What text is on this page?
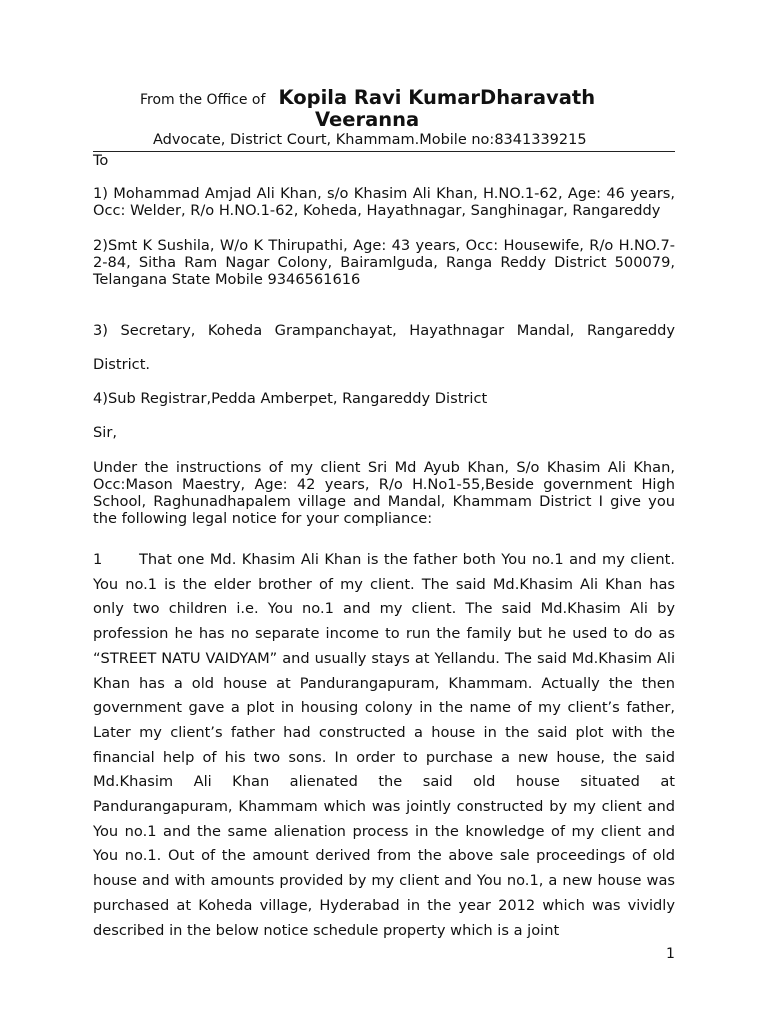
From the Office of Kopila Ravi KumarDharavath
Veeranna
Advocate, District Court, Khammam.Mobile no:8341339215
To
1) Mohammad Amjad Ali Khan, s/o Khasim Ali Khan, H.NO.1-62, Age: 46 years, Occ: Welder, R/o H.NO.1-62, Koheda, Hayathnagar, Sanghinagar, Rangareddy
2)Smt K Sushila, W/o K Thirupathi, Age: 43 years, Occ: Housewife, R/o H.NO.7-2-84, Sitha Ram Nagar Colony, Bairamlguda, Ranga Reddy District 500079, Telangana State Mobile 9346561616
3) Secretary, Koheda Grampanchayat, Hayathnagar Mandal, Rangareddy
District.
4)Sub Registrar,Pedda Amberpet, Rangareddy District
Sir,
Under the instructions of my client Sri Md Ayub Khan, S/o Khasim Ali Khan, Occ:Mason Maestry, Age: 42 years, R/o H.No1-55,Beside government High School, Raghunadhapalem village and Mandal, Khammam District I give you the following legal notice for your compliance:
1	That one Md. Khasim Ali Khan is the father both You no.1 and my client. You no.1 is the elder brother of my client. The said Md.Khasim Ali Khan has only two children i.e. You no.1 and my client. The said Md.Khasim Ali by profession he has no separate income to run the family but he used to do as “STREET NATU VAIDYAM” and usually stays at Yellandu. The said Md.Khasim Ali Khan has a old house at Pandurangapuram, Khammam. Actually the then government gave a plot in housing colony in the name of my client’s father, Later my client’s father had constructed a house in the said plot with the financial help of his two sons. In order to purchase a new house, the said Md.Khasim Ali Khan alienated the said old house situated at Pandurangapuram, Khammam which was jointly constructed by my client and You no.1 and the same alienation process in the knowledge of my client and You no.1. Out of the amount derived from the above sale proceedings of old house and with amounts provided by my client and You no.1, a new house was purchased at Koheda village, Hyderabad in the year 2012 which was vividly described in the below notice schedule property which is a joint
1
